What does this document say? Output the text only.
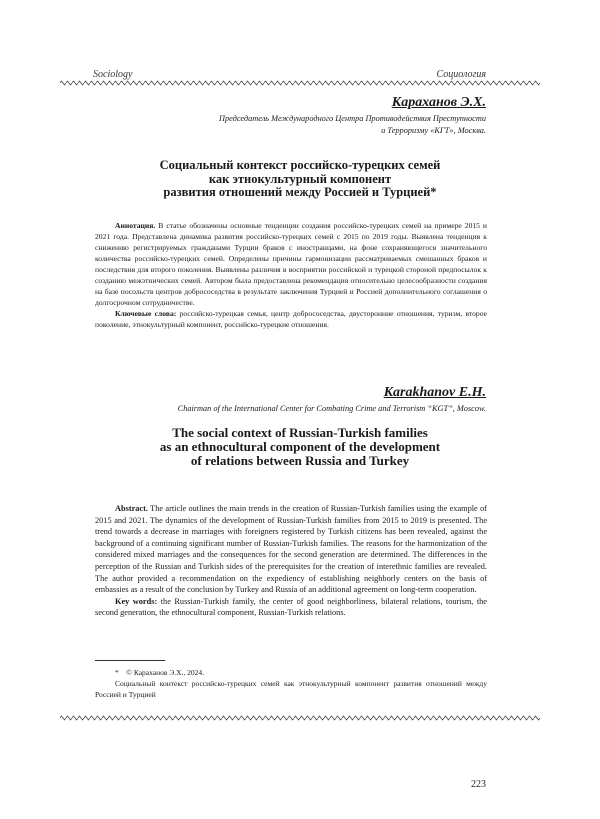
Sociology	Социология
Караханов Э.Х.
Председатель Международного Центра Противодействия Преступности
и Терроризму «КГТ», Москва.
Социальный контекст российско-турецких семей
как этнокультурный компонент
развития отношений между Россией и Турцией*

Аннотация. В статье обозначены основные тенденции создания российско-турецких семей на примере 2015 и 2021 года. Представлена динамика развития российско-турецких семей с 2015 по 2019 годы. Выявлена тенденция к снижению регистрируемых гражданами Турции браков с иностранцами, на фоне сохраняющегося значительного количества российско-турецких семей. Определены причины гармонизации рассматриваемых смешанных браков и последствия для второго поколения. Выявлены различия в восприятии российской и турецкой стороной предпосылок к созданию межэтнических семей. Автором была предоставлена рекомендация относительно целесообразности создания на базе посольств центров добрососедства в результате заключения Турцией и Россией дополнительного соглашения о долгосрочном сотрудничестве.

Ключевые слова: российско-турецкая семья, центр добрососедства, двусторонние отношения, туризм, второе поколение, этнокультурный компонент, российско-турецкие отношения.

Karakhanov E.H.
Chairman of the International Center for Combating Crime and Terrorism “KGT”, Moscow.
The social context of Russian-Turkish families
as an ethnocultural component of the development
of relations between Russia and Turkey

Abstract. The article outlines the main trends in the creation of Russian-Turkish families using the example of 2015 and 2021. The dynamics of the development of Russian-Turkish families from 2015 to 2019 is presented. The trend towards a decrease in marriages with foreigners registered by Turkish citizens has been revealed, against the background of a continuing significant number of Russian-Turkish families. The reasons for the harmonization of the considered mixed marriages and the consequences for the second generation are determined. The differences in the perception of the Russian and Turkish sides of the prerequisites for the creation of interethnic families are revealed. The author provided a recommendation on the expediency of establishing neighborly centers on the basis of embassies as a result of the conclusion by Turkey and Russia of an additional agreement on long-term cooperation.

Key words: the Russian-Turkish family, the center of good neighborliness, bilateral relations, tourism, the second generation, the ethnocultural component, Russian-Turkish relations.

* © Караханов Э.Х., 2024.
Социальный контекст российско-турецких семей как этнокультурный компонент развития отношений между Россией и Турцией
223
